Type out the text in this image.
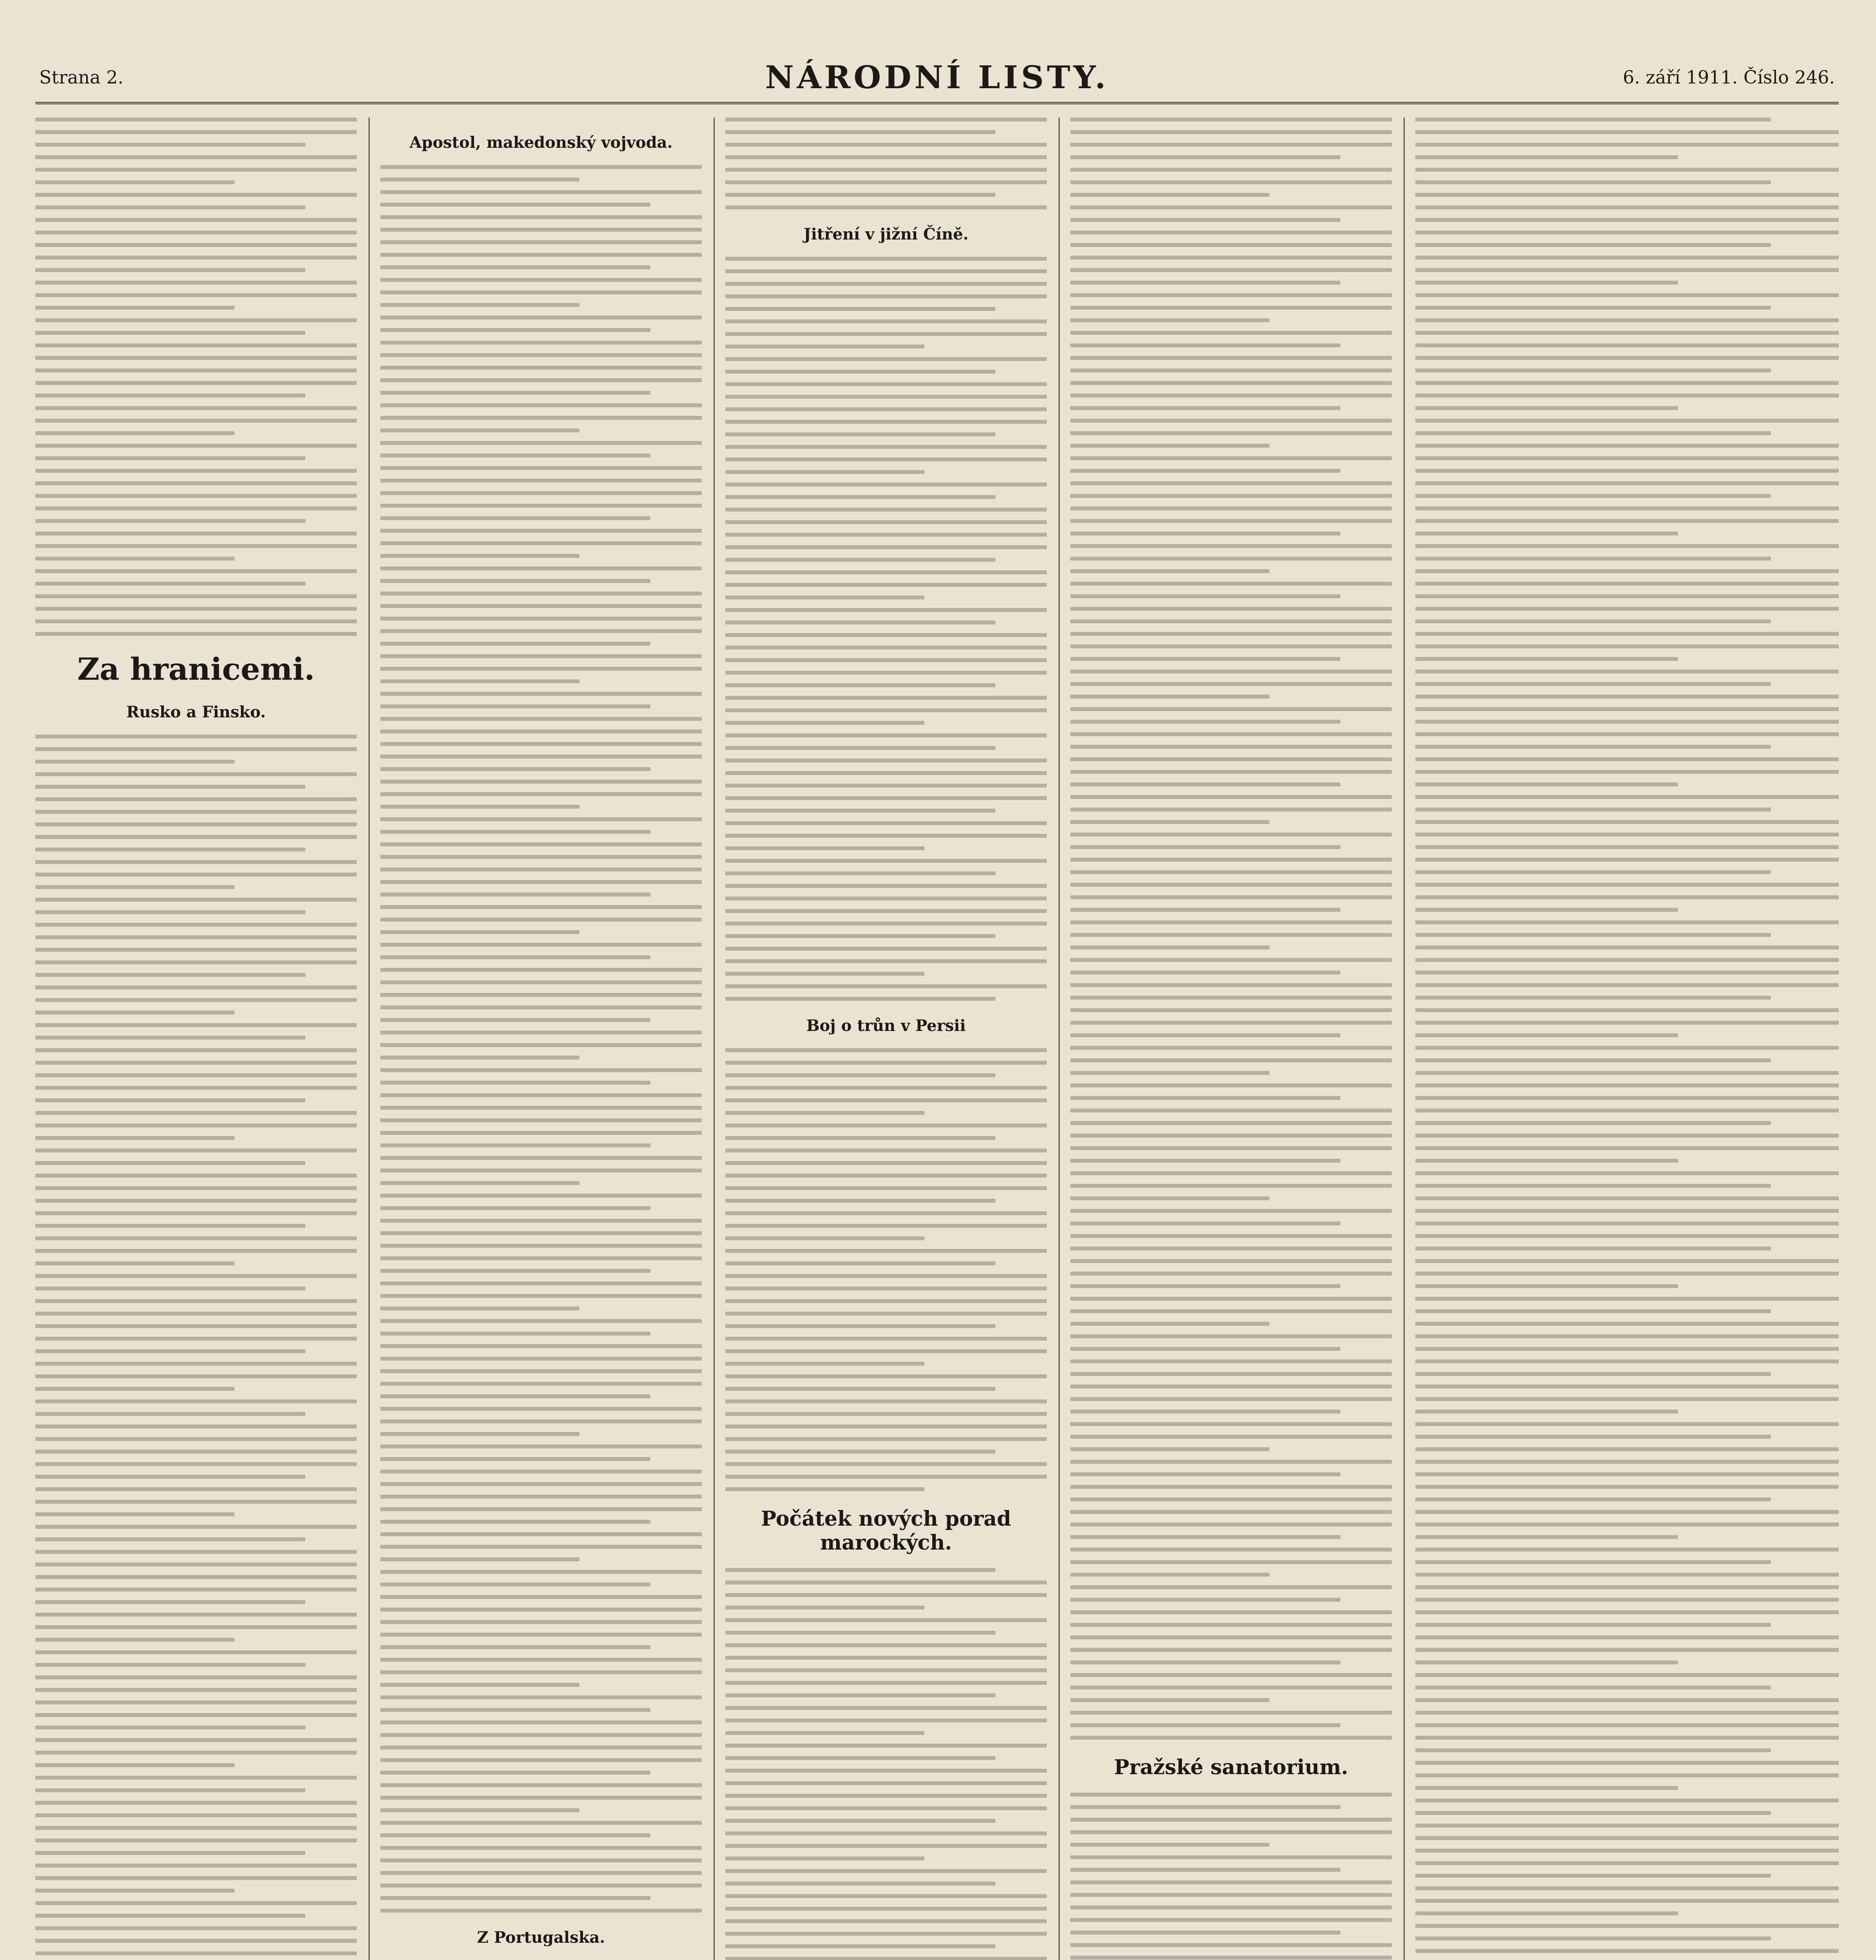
Strana 2.	NÁRODNÍ LISTY.	6. září 1911. Číslo 246.
Za hranicemi.
Rusko a Finsko.
Apostol, makedonský vojvoda.
Z Portugalska.
Jitření v jižní Číně.
Boj o trůn v Persii
Počátek nových porad marockých.
Pražské sanatorium.
